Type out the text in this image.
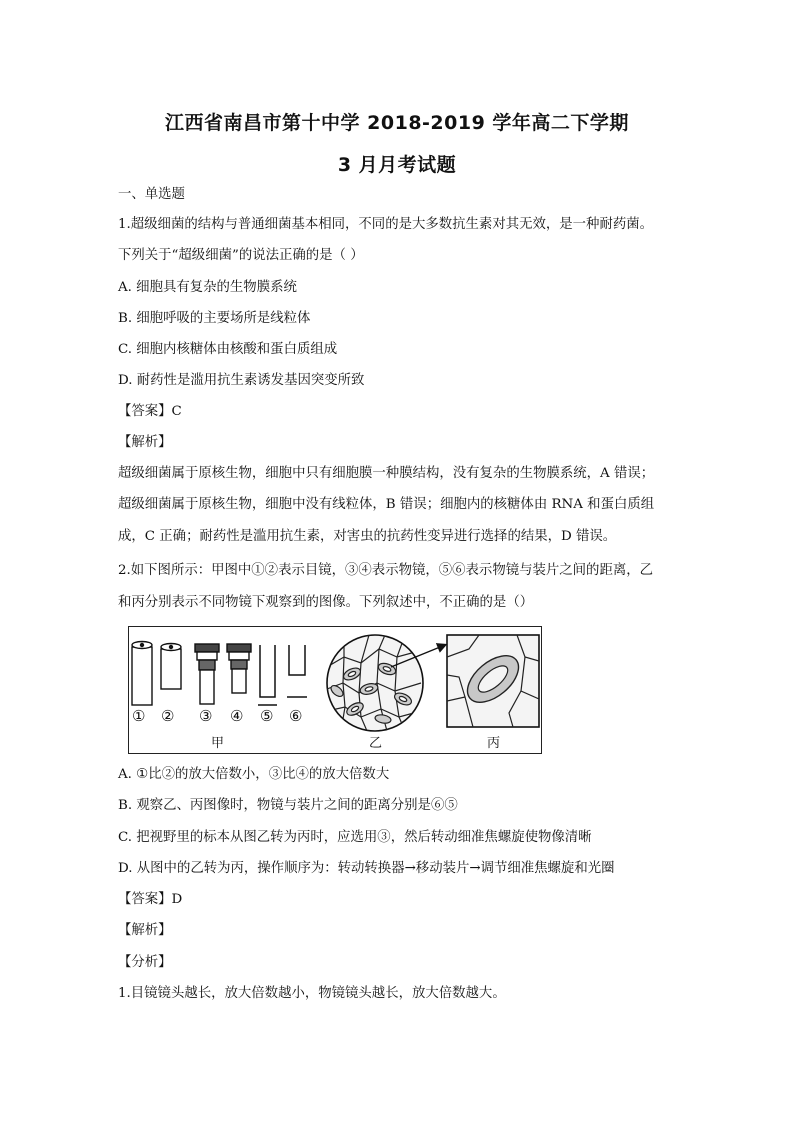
江西省南昌市第十中学 2018-2019 学年高二下学期
3 月月考试题
一、单选题
1.超级细菌的结构与普通细菌基本相同，不同的是大多数抗生素对其无效，是一种耐药菌。
下列关于“超级细菌”的说法正确的是（ ）
A. 细胞具有复杂的生物膜系统
B. 细胞呼吸的主要场所是线粒体
C. 细胞内核糖体由核酸和蛋白质组成
D. 耐药性是滥用抗生素诱发基因突变所致
【答案】C
【解析】
超级细菌属于原核生物，细胞中只有细胞膜一种膜结构，没有复杂的生物膜系统，A 错误；
超级细菌属于原核生物，细胞中没有线粒体，B 错误；细胞内的核糖体由 RNA 和蛋白质组
成，C 正确；耐药性是滥用抗生素，对害虫的抗药性变异进行选择的结果，D 错误。
2.如下图所示：甲图中①②表示目镜，③④表示物镜，⑤⑥表示物镜与装片之间的距离，乙
和丙分别表示不同物镜下观察到的图像。下列叙述中，不正确的是（）
① ② ③ ④ ⑤ ⑥
甲	乙	丙
A. ①比②的放大倍数小，③比④的放大倍数大
B. 观察乙、丙图像时，物镜与装片之间的距离分别是⑥⑤
C. 把视野里的标本从图乙转为丙时，应选用③，然后转动细准焦螺旋使物像清晰
D. 从图中的乙转为丙，操作顺序为：转动转换器→移动装片→调节细准焦螺旋和光圈
【答案】D
【解析】
【分析】
1.目镜镜头越长，放大倍数越小，物镜镜头越长，放大倍数越大。
